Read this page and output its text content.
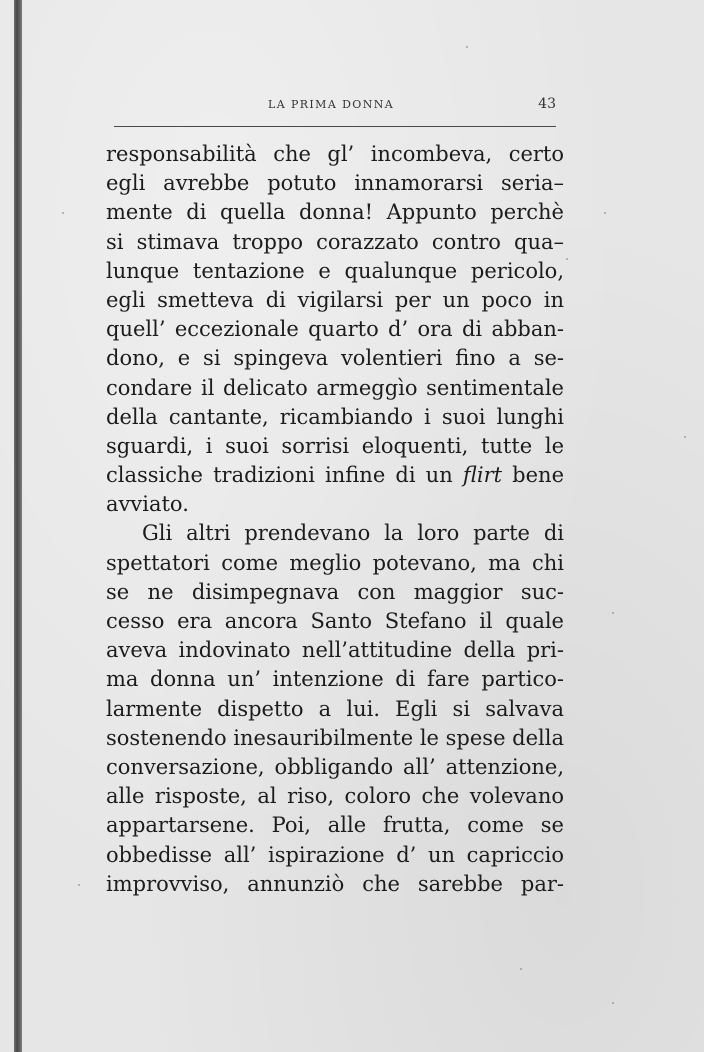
LA PRIMA DONNA	43
responsabilità che gl’ incombeva, certo
egli avrebbe potuto innamorarsi seria–
mente di quella donna! Appunto perchè
si stimava troppo corazzato contro qua–
lunque tentazione e qualunque pericolo,
egli smetteva di vigilarsi per un poco in
quell’ eccezionale quarto d’ ora di abban-
dono, e si spingeva volentieri fino a se-
condare il delicato armeggìo sentimentale
della cantante, ricambiando i suoi lunghi
sguardi, i suoi sorrisi eloquenti, tutte le
classiche tradizioni infine di un flirt bene
avviato.
Gli altri prendevano la loro parte di
spettatori come meglio potevano, ma chi
se ne disimpegnava con maggior suc-
cesso era ancora Santo Stefano il quale
aveva indovinato nell’attitudine della pri-
ma donna un’ intenzione di fare partico-
larmente dispetto a lui. Egli si salvava
sostenendo inesauribilmente le spese della
conversazione, obbligando all’ attenzione,
alle risposte, al riso, coloro che volevano
appartarsene. Poi, alle frutta, come se
obbedisse all’ ispirazione d’ un capriccio
improvviso, annunziò che sarebbe par-
